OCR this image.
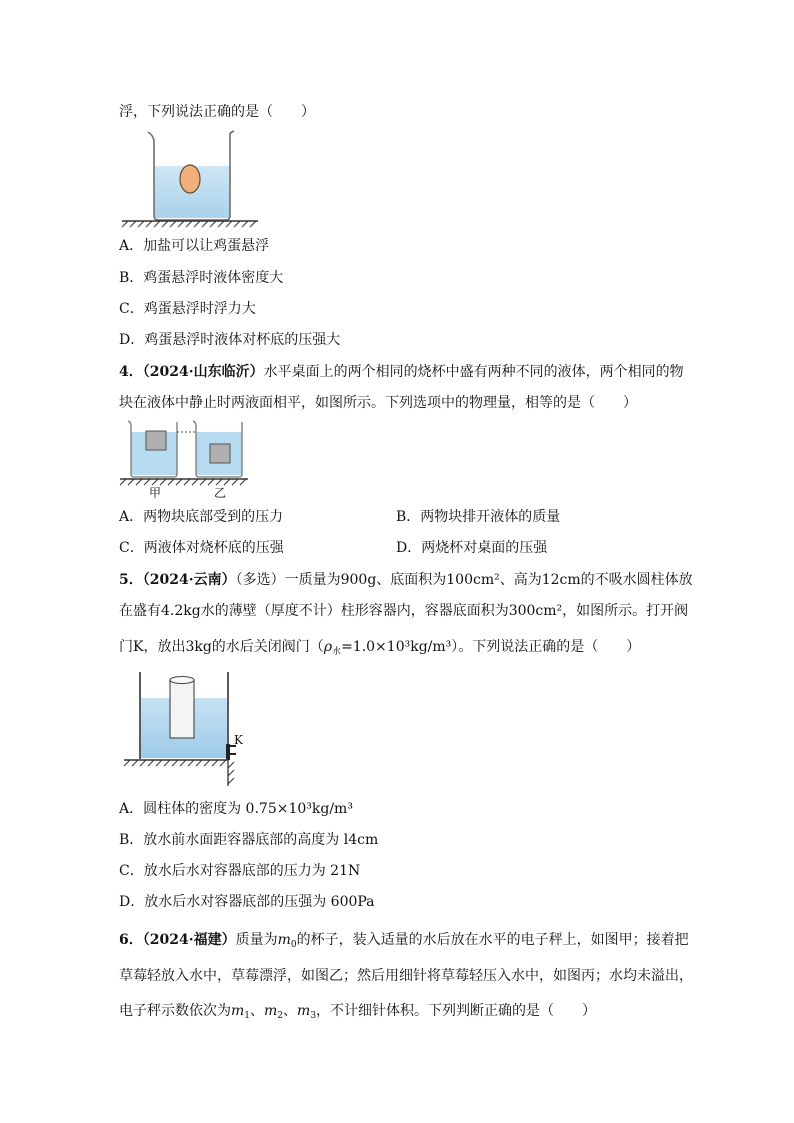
浮，下列说法正确的是（　　）
A．加盐可以让鸡蛋悬浮
B．鸡蛋悬浮时液体密度大
C．鸡蛋悬浮时浮力大
D．鸡蛋悬浮时液体对杯底的压强大
4．（2024·山东临沂）水平桌面上的两个相同的烧杯中盛有两种不同的液体，两个相同的物
块在液体中静止时两液面相平，如图所示。下列选项中的物理量，相等的是（　　）
甲	乙
A．两物块底部受到的压力	B．两物块排开液体的质量
C．两液体对烧杯底的压强	D．两烧杯对桌面的压强
5．（2024·云南）（多选）一质量为900g、底面积为100cm²、高为12cm的不吸水圆柱体放
在盛有4.2kg水的薄壁（厚度不计）柱形容器内，容器底面积为300cm²，如图所示。打开阀
门K，放出3kg的水后关闭阀门$(\rho_水=1.0\times 10^3kg/m^3)$。下列说法正确的是（　　）
K
A．圆柱体的密度为 0.75×10³kg/m³
B．放水前水面距容器底部的高度为 l4cm
C．放水后水对容器底部的压力为 21N
D．放水后水对容器底部的压强为 600Pa
6．（2024·福建）质量为$m_0$的杯子，装入适量的水后放在水平的电子秤上，如图甲；接着把
草莓轻放入水中，草莓漂浮，如图乙；然后用细针将草莓轻压入水中，如图丙；水均未溢出，
电子秤示数依次为$m_1$、$m_2$、$m_3$，不计细针体积。下列判断正确的是（　　）
